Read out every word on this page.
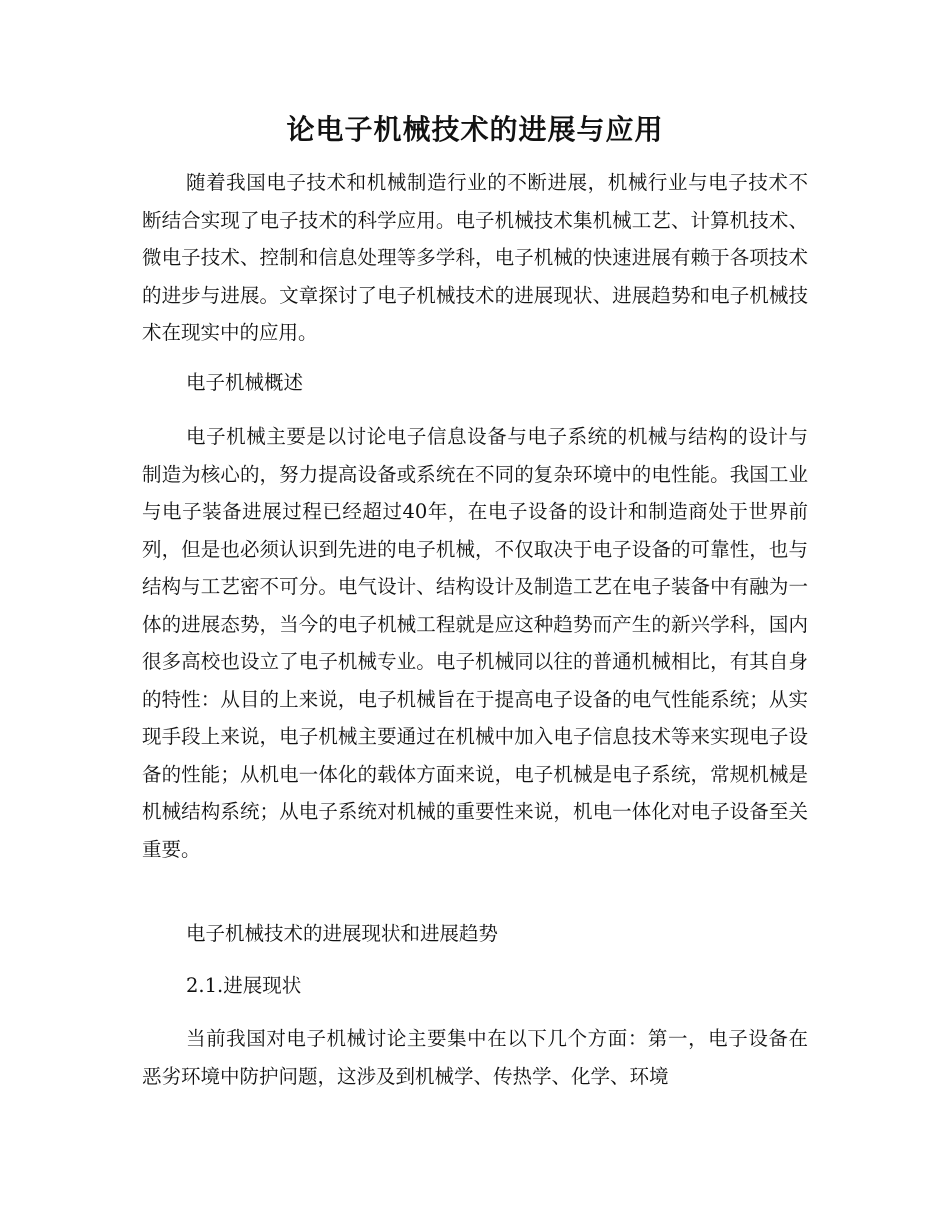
论电子机械技术的进展与应用

随着我国电子技术和机械制造行业的不断进展，机械行业与电子技术不断结合实现了电子技术的科学应用。电子机械技术集机械工艺、计算机技术、微电子技术、控制和信息处理等多学科，电子机械的快速进展有赖于各项技术的进步与进展。文章探讨了电子机械技术的进展现状、进展趋势和电子机械技术在现实中的应用。

电子机械概述

电子机械主要是以讨论电子信息设备与电子系统的机械与结构的设计与制造为核心的，努力提高设备或系统在不同的复杂环境中的电性能。我国工业与电子装备进展过程已经超过40年，在电子设备的设计和制造商处于世界前列，但是也必须认识到先进的电子机械，不仅取决于电子设备的可靠性，也与结构与工艺密不可分。电气设计、结构设计及制造工艺在电子装备中有融为一体的进展态势，当今的电子机械工程就是应这种趋势而产生的新兴学科，国内很多高校也设立了电子机械专业。电子机械同以往的普通机械相比，有其自身的特性：从目的上来说，电子机械旨在于提高电子设备的电气性能系统；从实现手段上来说，电子机械主要通过在机械中加入电子信息技术等来实现电子设备的性能；从机电一体化的载体方面来说，电子机械是电子系统，常规机械是机械结构系统；从电子系统对机械的重要性来说，机电一体化对电子设备至关重要。

电子机械技术的进展现状和进展趋势

2.1.进展现状

当前我国对电子机械讨论主要集中在以下几个方面：第一，电子设备在恶劣环境中防护问题，这涉及到机械学、传热学、化学、环境
